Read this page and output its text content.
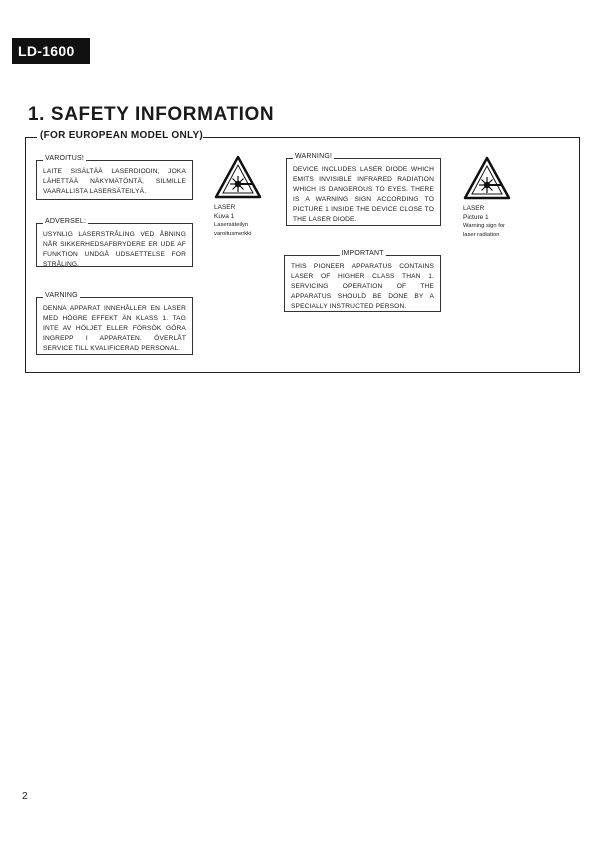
LD-1600
1. SAFETY INFORMATION
(FOR EUROPEAN MODEL ONLY)
VAROITUS!

LAITE SISÄLTÄÄ LASERDIODIN, JOKA LÄHETTÄÄ NÄKYMÄTÖNTÄ, SILMILLE VAARALLISTA LASERSÄTEILYÄ.

ADVERSEL:

USYNLIG LASERSTRÅLING VED ÅBNING NÅR SIKKERHEDSAFBRYDERE ER UDE AF FUNKTION UNDGÅ UDSAETTELSE FOR STRÅLING.

VARNING

DENNA APPARAT INNEHÅLLER EN LASER MED HÖGRE EFFEKT ÄN KLASS 1. TAG INTE AV HÖLJET ELLER FÖRSÖK GÖRA INGREPP I APPARATEN. ÖVERLÅT SERVICE TILL KVALIFICERAD PERSONAL.

LASER

Kuva 1

Lasersäteilyn
varoitusmerkki

WARNING!

DEVICE INCLUDES LASER DIODE WHICH EMITS INVISIBLE INFRARED RADIATION WHICH IS DANGEROUS TO EYES. THERE IS A WARNING SIGN ACCORDING TO PICTURE 1 INSIDE THE DEVICE CLOSE TO THE LASER DIODE.

IMPORTANT

THIS PIONEER APPARATUS CONTAINS LASER OF HIGHER CLASS THAN 1. SERVICING OPERATION OF THE APPARATUS SHOULD BE DONE BY A SPECIALLY INSTRUCTED PERSON.

LASER

Picture 1

Warning sign for
laser radiation

2
